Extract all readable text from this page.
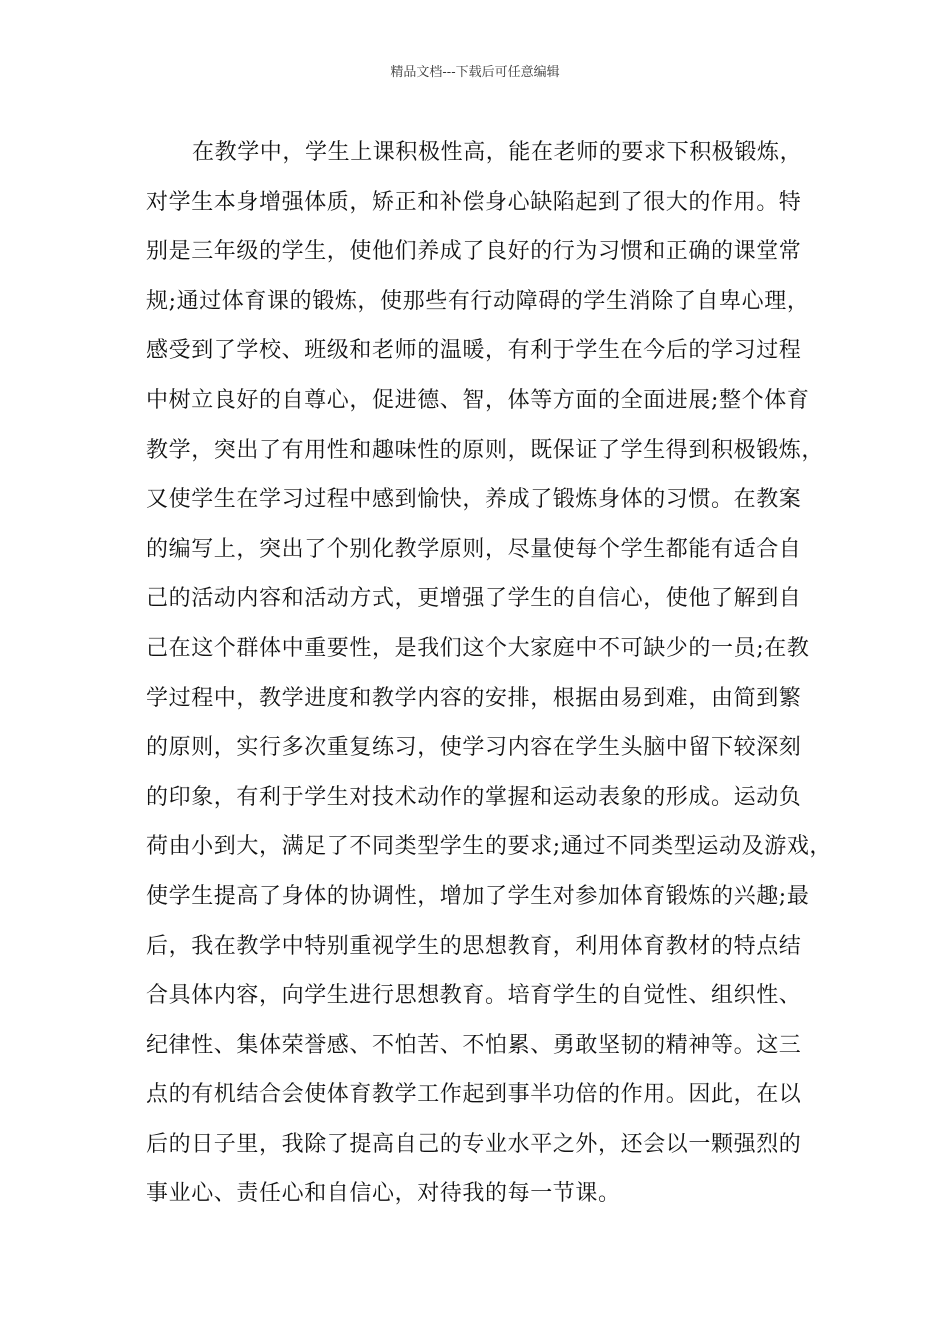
精品文档---下载后可任意编辑
在教学中，学生上课积极性高，能在老师的要求下积极锻炼，
对学生本身增强体质，矫正和补偿身心缺陷起到了很大的作用。特
别是三年级的学生，使他们养成了良好的行为习惯和正确的课堂常
规;通过体育课的锻炼，使那些有行动障碍的学生消除了自卑心理，
感受到了学校、班级和老师的温暖，有利于学生在今后的学习过程
中树立良好的自尊心，促进德、智，体等方面的全面进展;整个体育
教学，突出了有用性和趣味性的原则，既保证了学生得到积极锻炼，
又使学生在学习过程中感到愉快，养成了锻炼身体的习惯。在教案
的编写上，突出了个别化教学原则，尽量使每个学生都能有适合自
己的活动内容和活动方式，更增强了学生的自信心，使他了解到自
己在这个群体中重要性，是我们这个大家庭中不可缺少的一员;在教
学过程中，教学进度和教学内容的安排，根据由易到难，由简到繁
的原则，实行多次重复练习，使学习内容在学生头脑中留下较深刻
的印象，有利于学生对技术动作的掌握和运动表象的形成。运动负
荷由小到大，满足了不同类型学生的要求;通过不同类型运动及游戏，
使学生提高了身体的协调性，增加了学生对参加体育锻炼的兴趣;最
后，我在教学中特别重视学生的思想教育，利用体育教材的特点结
合具体内容，向学生进行思想教育。培育学生的自觉性、组织性、
纪律性、集体荣誉感、不怕苦、不怕累、勇敢坚韧的精神等。这三
点的有机结合会使体育教学工作起到事半功倍的作用。因此，在以
后的日子里，我除了提高自己的专业水平之外，还会以一颗强烈的
事业心、责任心和自信心，对待我的每一节课。
